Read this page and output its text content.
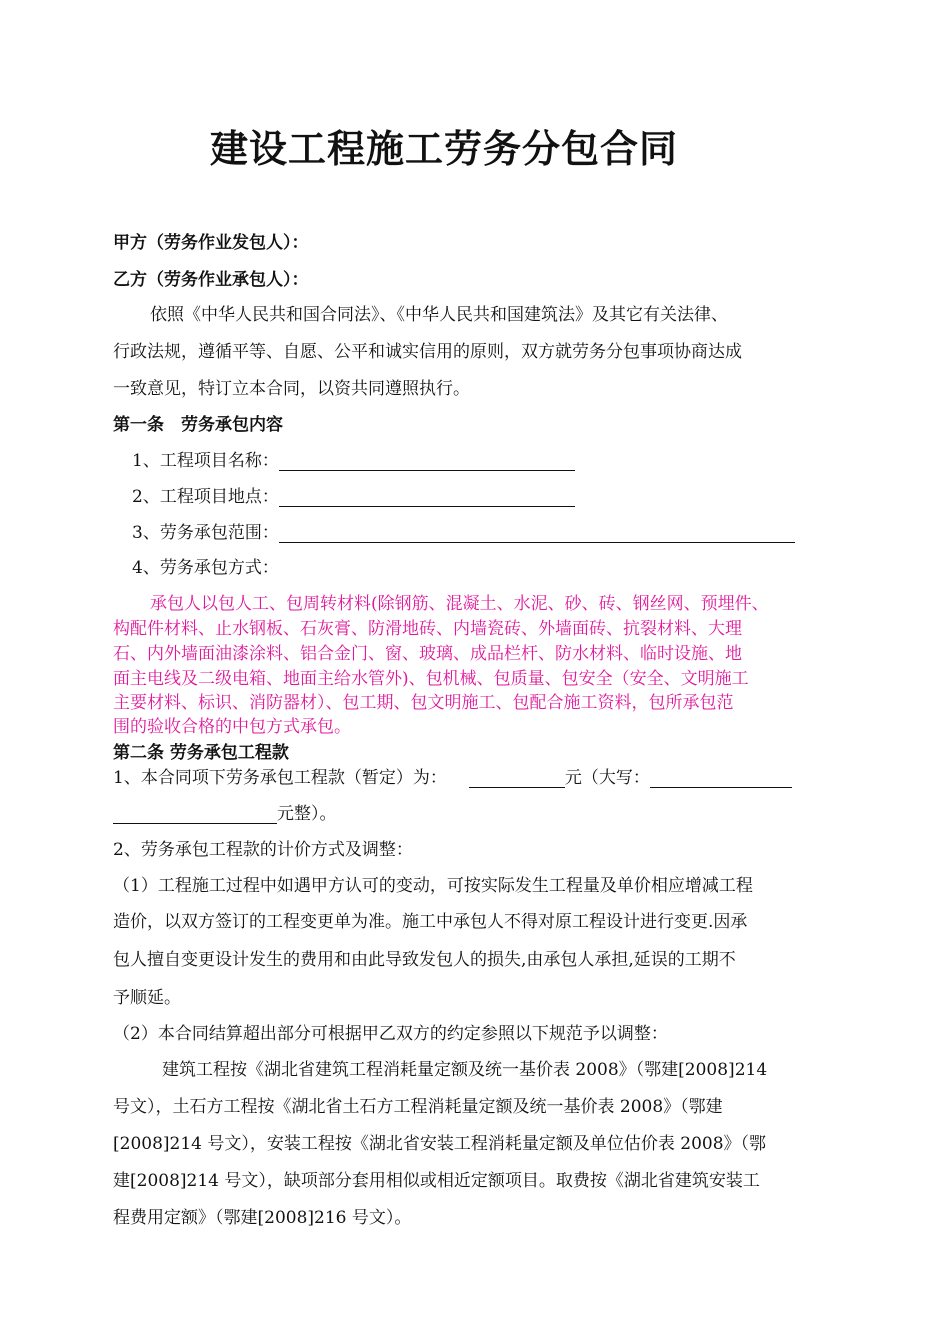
建设工程施工劳务分包合同
甲方（劳务作业发包人）：
乙方（劳务作业承包人）：
依照《中华人民共和国合同法》、《中华人民共和国建筑法》及其它有关法律、
行政法规，遵循平等、自愿、公平和诚实信用的原则，双方就劳务分包事项协商达成
一致意见，特订立本合同，以资共同遵照执行。
第一条　劳务承包内容
1、工程项目名称：
2、工程项目地点：
3、劳务承包范围：
4、劳务承包方式：
承包人以包人工、包周转材料(除钢筋、混凝土、水泥、砂、砖、钢丝网、预埋件、
构配件材料、止水钢板、石灰膏、防滑地砖、内墙瓷砖、外墙面砖、抗裂材料、大理
石、内外墙面油漆涂料、铝合金门、窗、玻璃、成品栏杆、防水材料、临时设施、地
面主电线及二级电箱、地面主给水管外)、包机械、包质量、包安全（安全、文明施工
主要材料、标识、消防器材）、包工期、包文明施工、包配合施工资料，包所承包范
围的验收合格的中包方式承包。
第二条 劳务承包工程款
1、本合同项下劳务承包工程款（暂定）为：	元（大写：
元整）。
2、劳务承包工程款的计价方式及调整：
（1）工程施工过程中如遇甲方认可的变动，可按实际发生工程量及单价相应增减工程
造价，以双方签订的工程变更单为准。施工中承包人不得对原工程设计进行变更.因承
包人擅自变更设计发生的费用和由此导致发包人的损失,由承包人承担,延误的工期不
予顺延。
（2）本合同结算超出部分可根据甲乙双方的约定参照以下规范予以调整：
建筑工程按《湖北省建筑工程消耗量定额及统一基价表 2008》（鄂建[2008]214
号文），土石方工程按《湖北省土石方工程消耗量定额及统一基价表 2008》（鄂建
[2008]214 号文），安装工程按《湖北省安装工程消耗量定额及单位估价表 2008》（鄂
建[2008]214 号文），缺项部分套用相似或相近定额项目。取费按《湖北省建筑安装工
程费用定额》（鄂建[2008]216 号文）。
